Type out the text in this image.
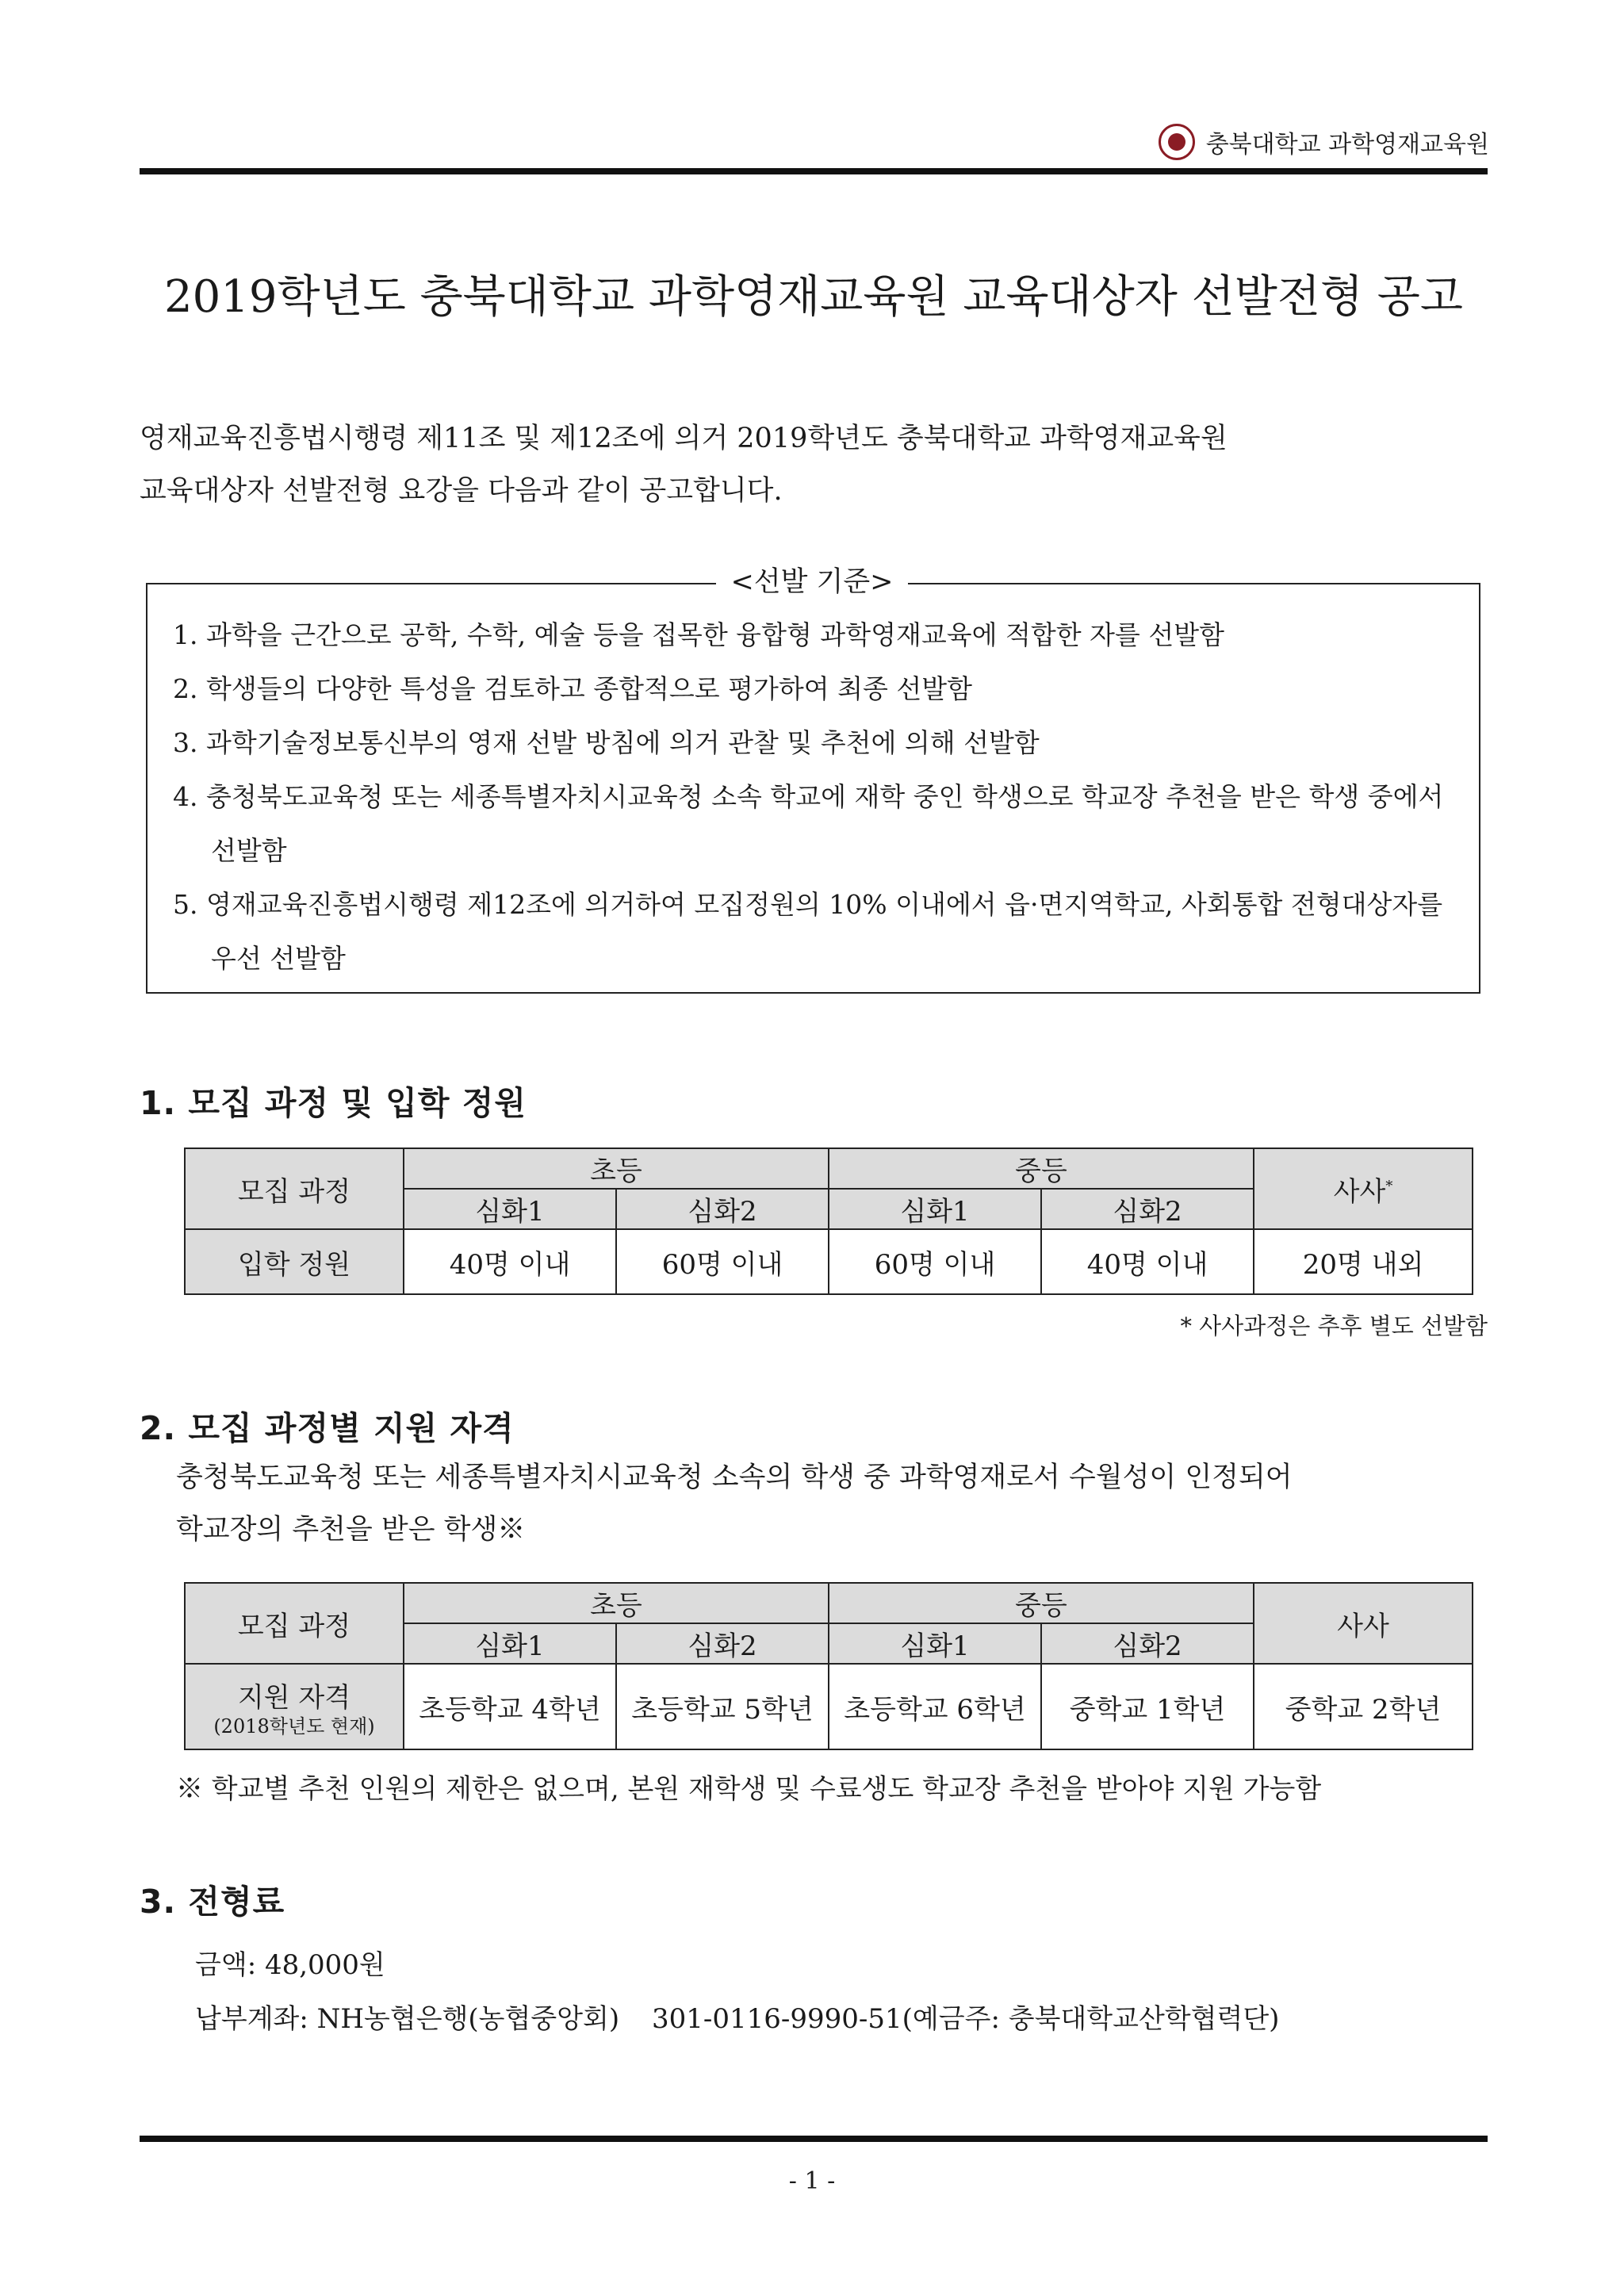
충북대학교 과학영재교육원
2019학년도 충북대학교 과학영재교육원 교육대상자 선발전형 공고
영재교육진흥법시행령 제11조 및 제12조에 의거 2019학년도 충북대학교 과학영재교육원
교육대상자 선발전형 요강을 다음과 같이 공고합니다.
1. 과학을 근간으로 공학, 수학, 예술 등을 접목한 융합형 과학영재교육에 적합한 자를 선발함
2. 학생들의 다양한 특성을 검토하고 종합적으로 평가하여 최종 선발함
3. 과학기술정보통신부의 영재 선발 방침에 의거 관찰 및 추천에 의해 선발함
4. 충청북도교육청 또는 세종특별자치시교육청 소속 학교에 재학 중인 학생으로 학교장 추천을 받은 학생 중에서 선발함
5. 영재교육진흥법시행령 제12조에 의거하여 모집정원의 10% 이내에서 읍·면지역학교, 사회통합 전형대상자를 우선 선발함
<선발 기준>
1. 모집 과정 및 입학 정원
모집 과정	초등		중등		사사*
	심화1	심화2	심화1	심화2	
입학 정원	40명 이내	60명 이내	60명 이내	40명 이내	20명 내외
* 사사과정은 추후 별도 선발함
2. 모집 과정별 지원 자격
충청북도교육청 또는 세종특별자치시교육청 소속의 학생 중 과학영재로서 수월성이 인정되어
학교장의 추천을 받은 학생※
모집 과정	초등		중등		사사
	심화1	심화2	심화1	심화2	
지원 자격
(2018학년도 현재)	초등학교 4학년	초등학교 5학년	초등학교 6학년	중학교 1학년	중학교 2학년
※ 학교별 추천 인원의 제한은 없으며, 본원 재학생 및 수료생도 학교장 추천을 받아야 지원 가능함
3. 전형료
금액: 48,000원
납부계좌: NH농협은행(농협중앙회) 301-0116-9990-51(예금주: 충북대학교산학협력단)
- 1 -
